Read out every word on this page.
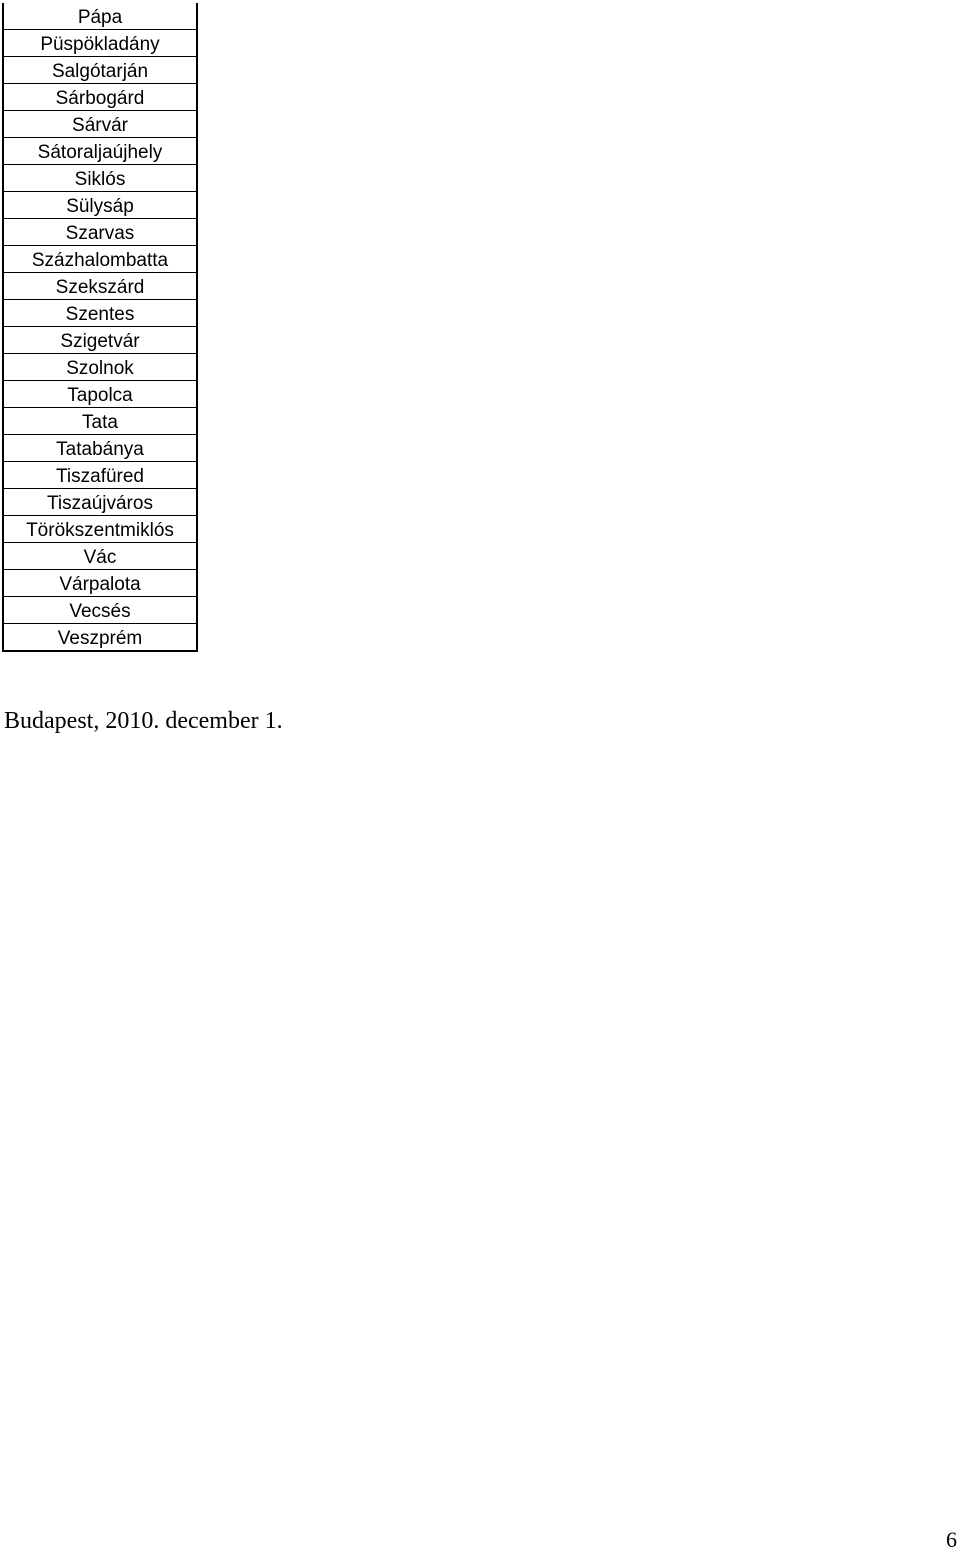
Pápa
Püspökladány
Salgótarján
Sárbogárd
Sárvár
Sátoraljaújhely
Siklós
Sülysáp
Szarvas
Százhalombatta
Szekszárd
Szentes
Szigetvár
Szolnok
Tapolca
Tata
Tatabánya
Tiszafüred
Tiszaújváros
Törökszentmiklós
Vác
Várpalota
Vecsés
Veszprém

Budapest, 2010. december 1.

6
